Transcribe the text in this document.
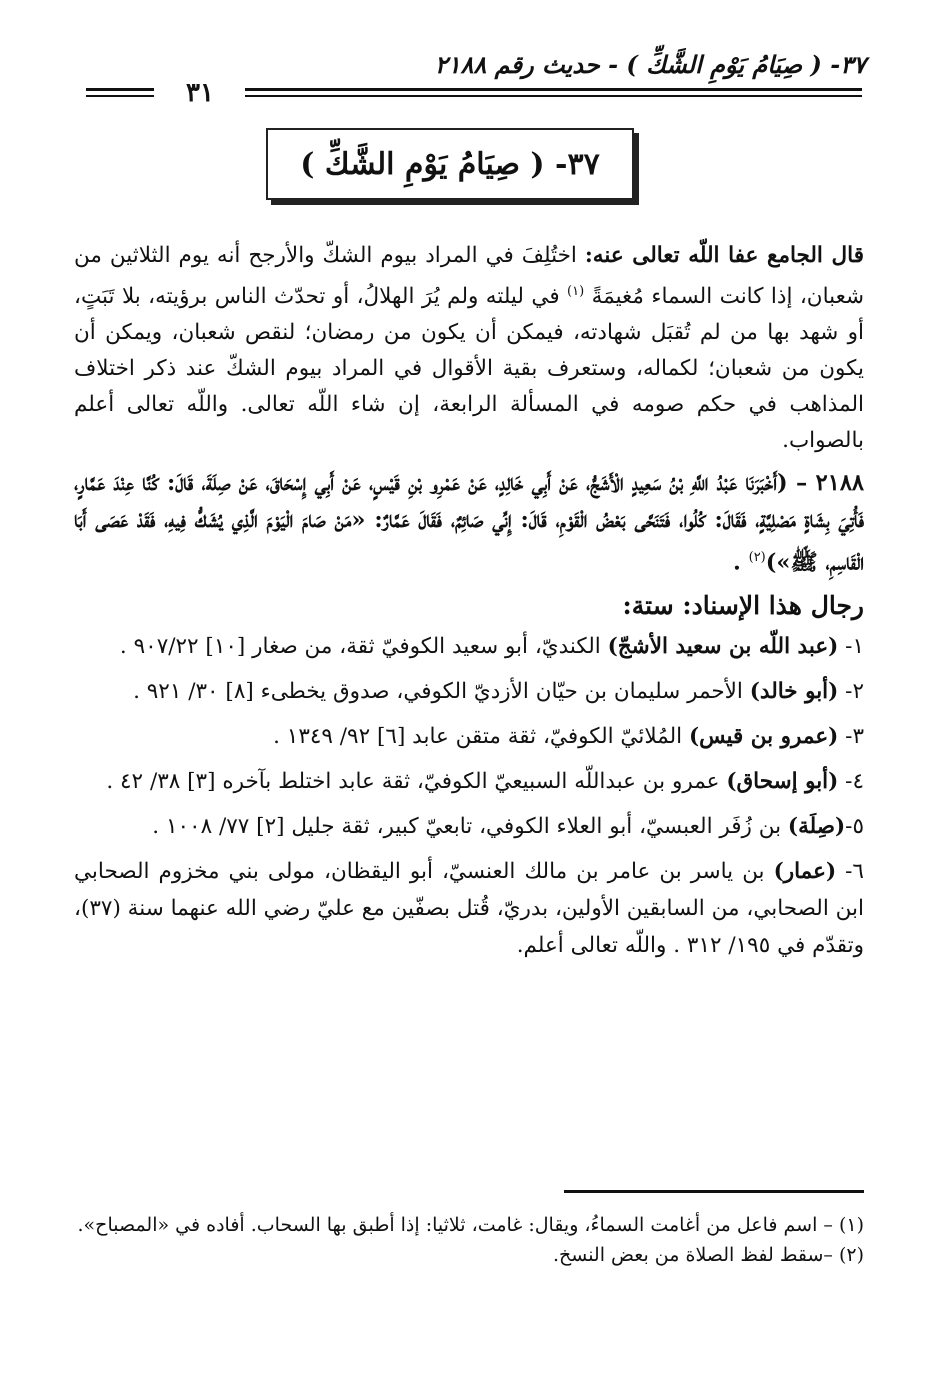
٣٧- ( صِيَامُ يَوْمِ الشَّكِّ ) - حديث رقم ٢١٨٨
٣١
٣٧- ( صِيَامُ يَوْمِ الشَّكِّ )

قال الجامع عفا اللّه تعالى عنه: اختُلِفَ في المراد بيوم الشكّ والأرجح أنه يوم الثلاثين من شعبان، إذا كانت السماء مُغيمَةً $^{(١)}$ في ليلته ولم يُرَ الهلالُ، أو تحدّث الناس برؤيته، بلا تَبَتٍ، أو شهد بها من لم تُقبَل شهادته، فيمكن أن يكون من رمضان؛ لنقص شعبان، ويمكن أن يكون من شعبان؛ لكماله، وستعرف بقية الأقوال في المراد بيوم الشكّ عند ذكر اختلاف المذاهب في حكم صومه في المسألة الرابعة، إن شاء اللّه تعالى. واللّه تعالى أعلم بالصواب.

٢١٨٨ – (أَخْبَرَنَا عَبْدُ اللَّهِ بْنُ سَعِيدٍ الْأَشَجُّ، عَنْ أَبِي خَالِدٍ، عَنْ عَمْرِو بْنِ قَيْسٍ، عَنْ أَبِي إِسْحَاقَ، عَنْ صِلَةَ، قَالَ: كُنَّا عِنْدَ عَمَّارٍ، فَأُتِيَ بِشَاةٍ مَصْلِيَّةٍ، فَقَالَ: كُلُوا، فَتَنَحَّى بَعْضُ الْقَوْمِ، قَالَ: إِنِّي صَائِمٌ، فَقَالَ عَمَّارٌ: «مَنْ صَامَ الْيَوْمَ الَّذِي يُشَكُّ فِيهِ، فَقَدْ عَصَى أَبَا الْقَاسِمِ، ﷺ»)$^{(٢)}$ .

رجال هذا الإسناد: ستة:

١- (عبد اللّه بن سعيد الأشجّ) الكنديّ، أبو سعيد الكوفيّ ثقة، من صغار [١٠] ٩٠٧/٢٢ .

٢- (أبو خالد) الأحمر سليمان بن حيّان الأزديّ الكوفي، صدوق يخطىء [٨] ٣٠/ ٩٢١ .

٣- (عمرو بن قيس) المُلائيّ الكوفيّ، ثقة متقن عابد [٦] ٩٢/ ١٣٤٩ .

٤- (أبو إسحاق) عمرو بن عبداللّه السبيعيّ الكوفيّ، ثقة عابد اختلط بآخره [٣] ٣٨/ ٤٢ .

٥-(صِلَة) بن زُفَر العبسيّ، أبو العلاء الكوفي، تابعيّ كبير، ثقة جليل [٢] ٧٧/ ١٠٠٨ .

٦- (عمار) بن ياسر بن عامر بن مالك العنسيّ، أبو اليقظان، مولى بني مخزوم الصحابي ابن الصحابي، من السابقين الأولين، بدريّ، قُتل بصفّين مع عليّ رضي الله عنهما سنة (٣٧)، وتقدّم في ١٩٥/ ٣١٢ . واللّه تعالى أعلم.

(١) – اسم فاعل من أغامت السماءُ، ويقال: غامت، ثلاثيا: إذا أطبق بها السحاب. أفاده في «المصباح».

(٢) –سقط لفظ الصلاة من بعض النسخ.
